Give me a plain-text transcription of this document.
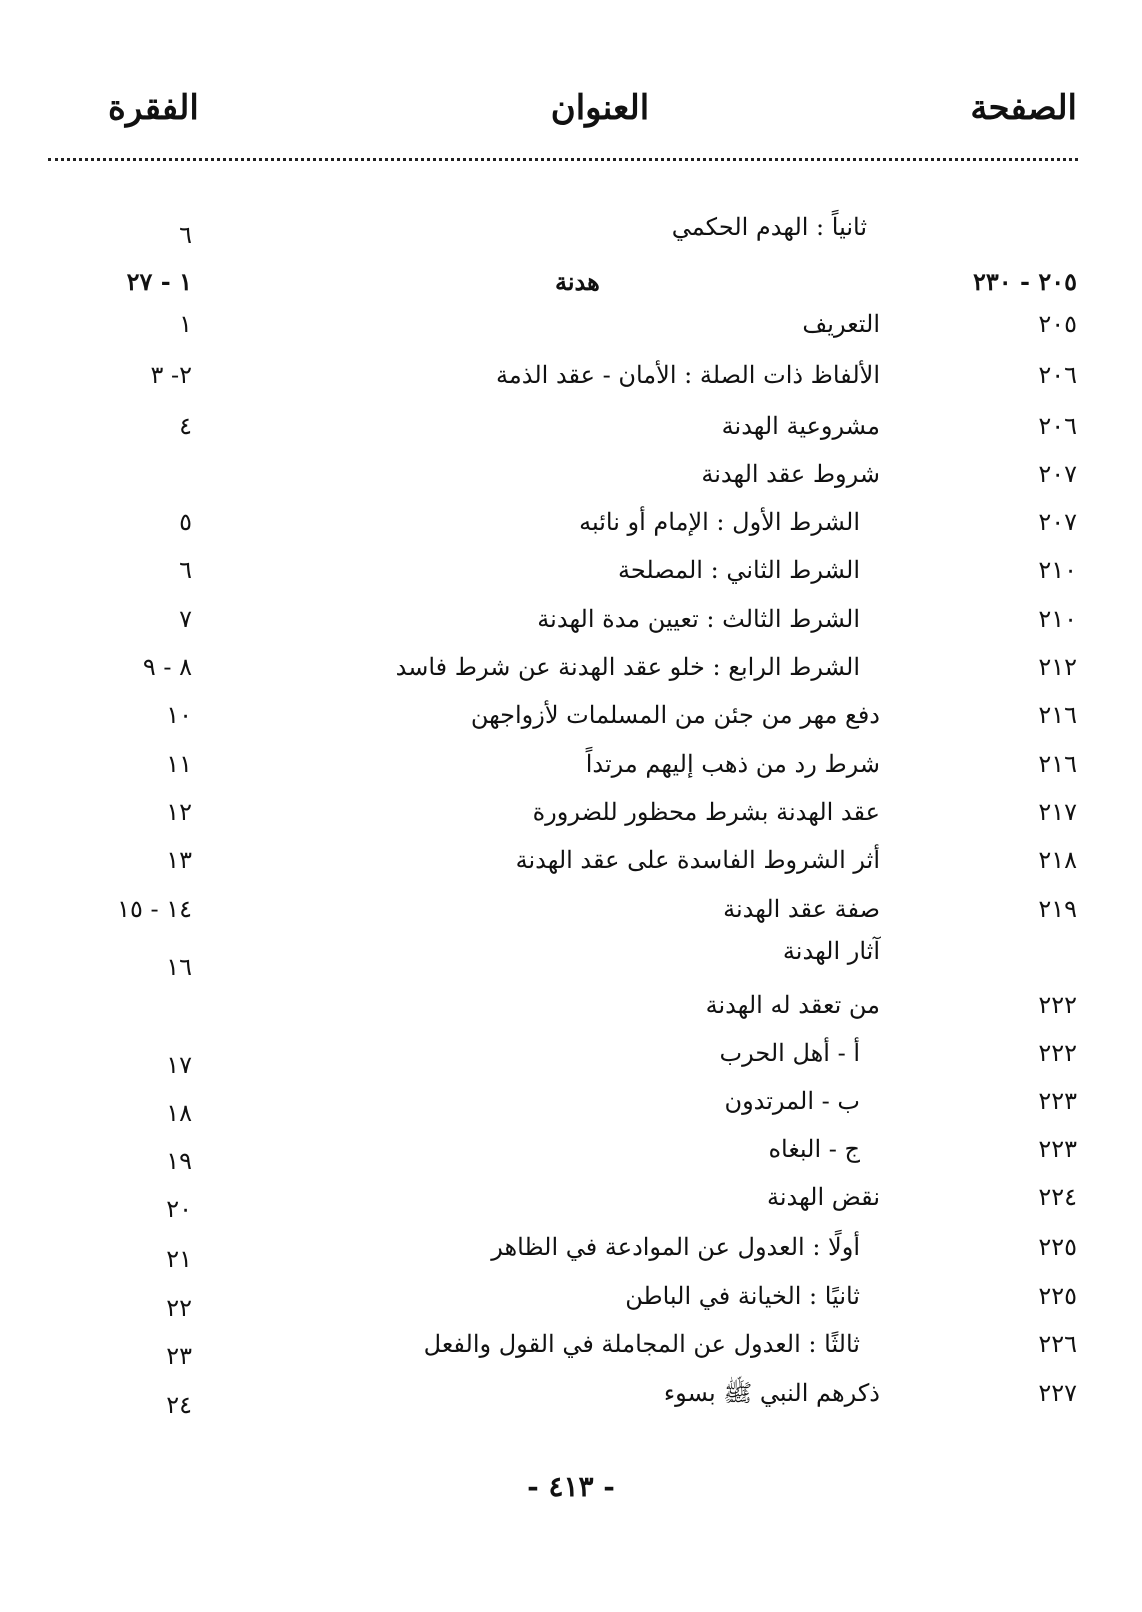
الصفحة
العنوان
الفقرة
ثانياً : الهدم الحكمي
٦
٢٠٥ - ٢٣٠
هدنة
١ - ٢٧
٢٠٥
التعريف
١
٢٠٦
الألفاظ ذات الصلة : الأمان - عقد الذمة
٢- ٣
٢٠٦
مشروعية الهدنة
٤
٢٠٧
شروط عقد الهدنة
٢٠٧
الشرط الأول : الإمام أو نائبه
٥
٢١٠
الشرط الثاني : المصلحة
٦
٢١٠
الشرط الثالث : تعيين مدة الهدنة
٧
٢١٢
الشرط الرابع : خلو عقد الهدنة عن شرط فاسد
٨ - ٩
٢١٦
دفع مهر من جئن من المسلمات لأزواجهن
١٠
٢١٦
شرط رد من ذهب إليهم مرتداً
١١
٢١٧
عقد الهدنة بشرط محظور للضرورة
١٢
٢١٨
أثر الشروط الفاسدة على عقد الهدنة
١٣
٢١٩
صفة عقد الهدنة
١٤ - ١٥
آثار الهدنة
١٦
٢٢٢
من تعقد له الهدنة
٢٢٢
أ - أهل الحرب
١٧
٢٢٣
ب - المرتدون
١٨
٢٢٣
ج - البغاه
١٩
٢٢٤
نقض الهدنة
٢٠
٢٢٥
أولًا : العدول عن الموادعة في الظاهر
٢١
٢٢٥
ثانيًا : الخيانة في الباطن
٢٢
٢٢٦
ثالثًا : العدول عن المجاملة في القول والفعل
٢٣
٢٢٧
ذكرهم النبي ﷺ بسوء
٢٤
- ٤١٣ -
